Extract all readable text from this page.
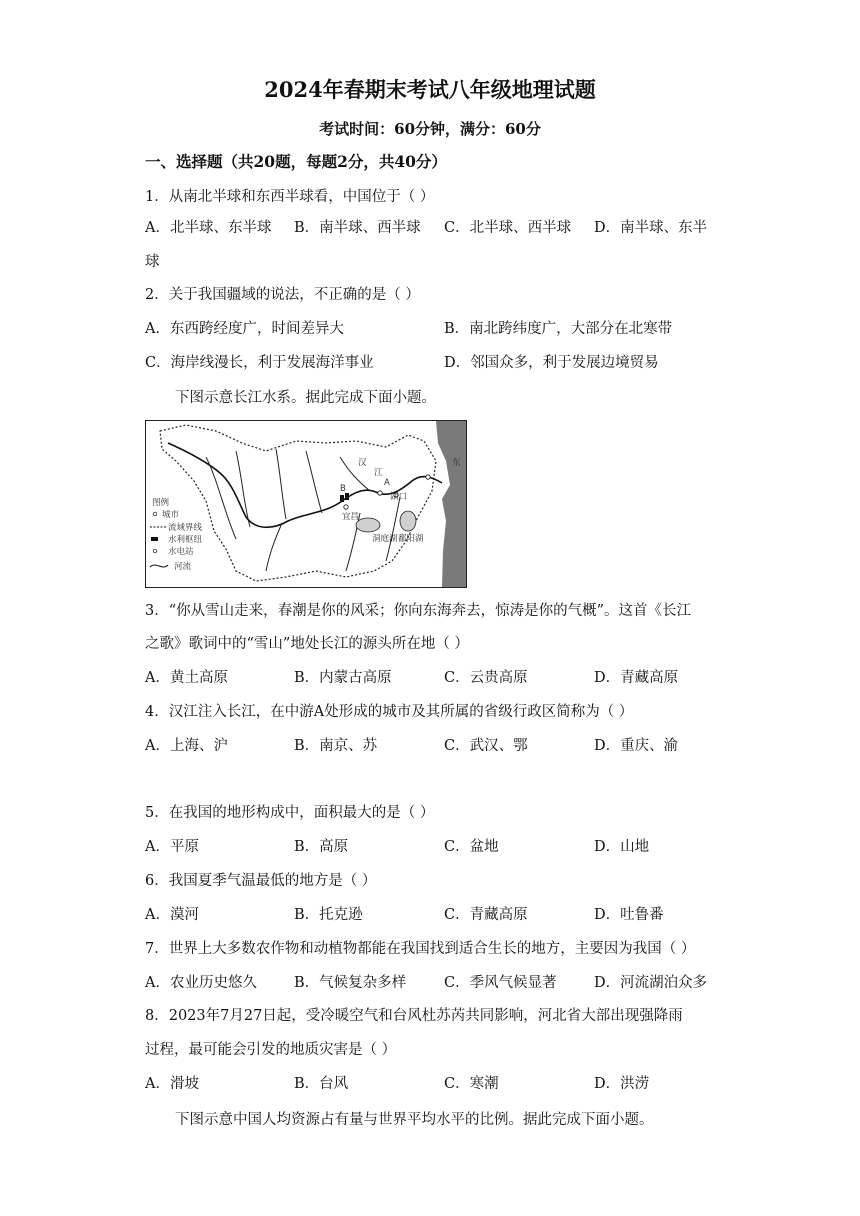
2024年春期末考试八年级地理试题
考试时间：60分钟，满分：60分
一、选择题（共20题，每题2分，共40分）
1．从南北半球和东西半球看，中国位于（ ）
A．北半球、东半球 B．南半球、西半球 C．北半球、西半球 D．南半球、东半
球
2．关于我国疆域的说法，不正确的是（ ）
A．东西跨经度广，时间差异大	B．南北跨纬度广，大部分在北寒带
C．海岸线漫长，利于发展海洋事业	D．邻国众多，利于发展边境贸易
下图示意长江水系。据此完成下面小题。
B
宜昌
洞庭湖 鄱阳湖
湖口
汉
江
A
东
图例
城市
流域界线
水利枢纽
水电站
河流
3．“你从雪山走来，春潮是你的风采；你向东海奔去，惊涛是你的气概”。这首《长江
之歌》歌词中的“雪山”地处长江的源头所在地（ ）
A．黄土高原	B．内蒙古高原	C．云贵高原	D．青藏高原
4．汉江注入长江，在中游A处形成的城市及其所属的省级行政区简称为（ ）
A．上海、沪	B．南京、苏	C．武汉、鄂	D．重庆、渝
5．在我国的地形构成中，面积最大的是（ ）
A．平原	B．高原	C．盆地	D．山地
6．我国夏季气温最低的地方是（ ）
A．漠河	B．托克逊	C．青藏高原	D．吐鲁番
7．世界上大多数农作物和动植物都能在我国找到适合生长的地方，主要因为我国（ ）
A．农业历史悠久	B．气候复杂多样	C．季风气候显著	D．河流湖泊众多
8．2023年7月27日起，受冷暖空气和台风杜苏芮共同影响，河北省大部出现强降雨
过程，最可能会引发的地质灾害是（ ）
A．滑坡	B．台风	C．寒潮	D．洪涝
下图示意中国人均资源占有量与世界平均水平的比例。据此完成下面小题。
